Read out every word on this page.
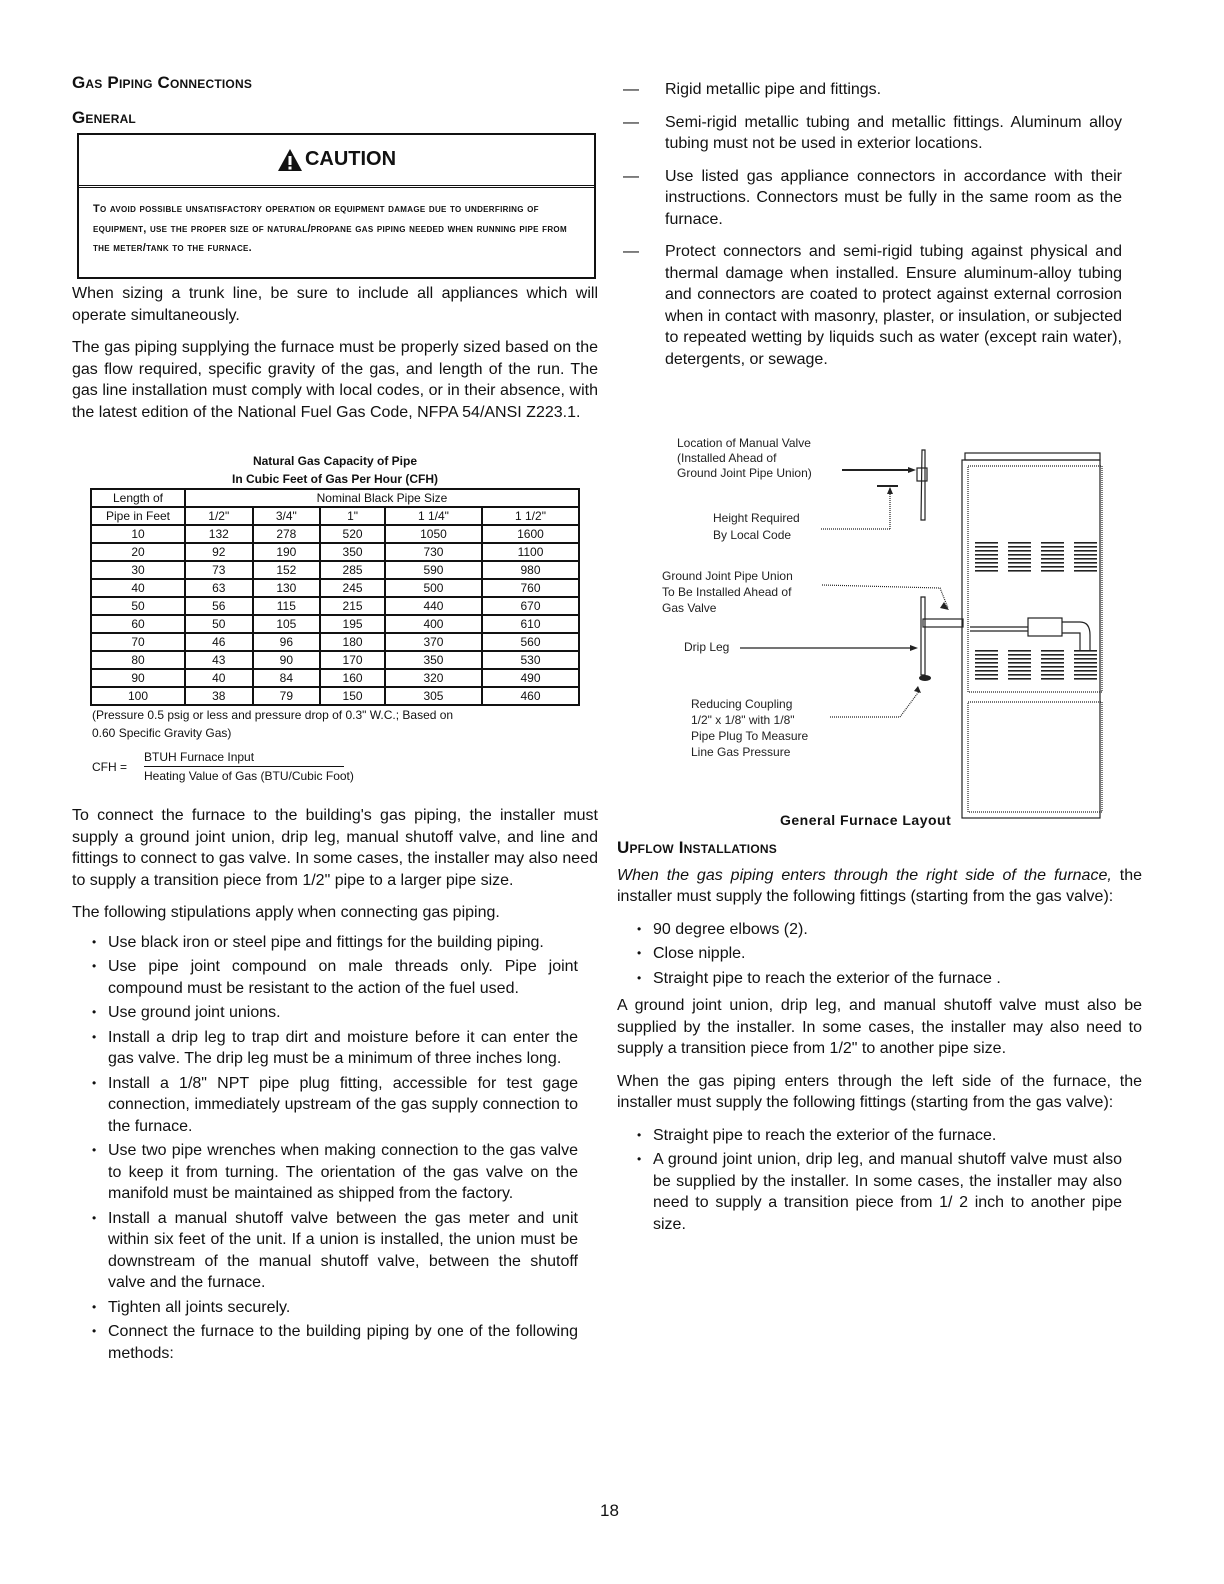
Gas Piping Connections
General
CAUTION
To avoid possible unsatisfactory operation or equipment damage due to underfiring of equipment, use the proper size of natural/propane gas piping needed when running pipe from the meter/tank to the furnace.

When sizing a trunk line, be sure to include all appliances which will operate simultaneously.

The gas piping supplying the furnace must be properly sized based on the gas flow required, specific gravity of the gas, and length of the run. The gas line installation must comply with local codes, or in their absence, with the latest edition of the National Fuel Gas Code, NFPA 54/ANSI Z223.1.

Natural Gas Capacity of Pipe
In Cubic Feet of Gas Per Hour (CFH)
Length of	Nominal Black Pipe Size				
Pipe in Feet	1/2"	3/4"	1"	1 1/4"	1 1/2"
10	132	278	520	1050	1600
20	92	190	350	730	1100
30	73	152	285	590	980
40	63	130	245	500	760
50	56	115	215	440	670
60	50	105	195	400	610
70	46	96	180	370	560
80	43	90	170	350	530
90	40	84	160	320	490
100	38	79	150	305	460
(Pressure 0.5 psig or less and pressure drop of 0.3" W.C.; Based on
0.60 Specific Gravity Gas)
CFH =
BTUH Furnace Input
Heating Value of Gas (BTU/Cubic Foot)

To connect the furnace to the building's gas piping, the installer must supply a ground joint union, drip leg, manual shutoff valve, and line and fittings to connect to gas valve. In some cases, the installer may also need to supply a transition piece from 1/2" pipe to a larger pipe size.

The following stipulations apply when connecting gas piping.

• Use black iron or steel pipe and fittings for the building piping.
• Use pipe joint compound on male threads only. Pipe joint compound must be resistant to the action of the fuel used.
• Use ground joint unions.
• Install a drip leg to trap dirt and moisture before it can enter the gas valve. The drip leg must be a minimum of three inches long.
• Install a 1/8" NPT pipe plug fitting, accessible for test gage connection, immediately upstream of the gas supply connection to the furnace.
• Use two pipe wrenches when making connection to the gas valve to keep it from turning. The orientation of the gas valve on the manifold must be maintained as shipped from the factory.
• Install a manual shutoff valve between the gas meter and unit within six feet of the unit. If a union is installed, the union must be downstream of the manual shutoff valve, between the shutoff valve and the furnace.
• Tighten all joints securely.
• Connect the furnace to the building piping by one of the following methods:
— Rigid metallic pipe and fittings.
— Semi-rigid metallic tubing and metallic fittings. Aluminum alloy tubing must not be used in exterior locations.
— Use listed gas appliance connectors in accordance with their instructions. Connectors must be fully in the same room as the furnace.
— Protect connectors and semi-rigid tubing against physical and thermal damage when installed. Ensure aluminum-alloy tubing and connectors are coated to protect against external corrosion when in contact with masonry, plaster, or insulation, or subjected to repeated wetting by liquids such as water (except rain water), detergents, or sewage.
Location of Manual Valve
(Installed Ahead of
Ground Joint Pipe Union)
Height Required
By Local Code
Ground Joint Pipe Union
To Be Installed Ahead of
Gas Valve
Drip Leg
Reducing Coupling
1/2" x 1/8" with 1/8"
Pipe Plug To Measure
Line Gas Pressure
General Furnace Layout
Upflow Installations

When the gas piping enters through the right side of the furnace, the installer must supply the following fittings (starting from the gas valve):

• 90 degree elbows (2).
• Close nipple.
• Straight pipe to reach the exterior of the furnace .

A ground joint union, drip leg, and manual shutoff valve must also be supplied by the installer. In some cases, the installer may also need to supply a transition piece from 1/2" to another pipe size.

When the gas piping enters through the left side of the furnace, the installer must supply the following fittings (starting from the gas valve):

• Straight pipe to reach the exterior of the furnace.
• A ground joint union, drip leg, and manual shutoff valve must also be supplied by the installer. In some cases, the installer may also need to supply a transition piece from 1/ 2 inch to another pipe size.
18
